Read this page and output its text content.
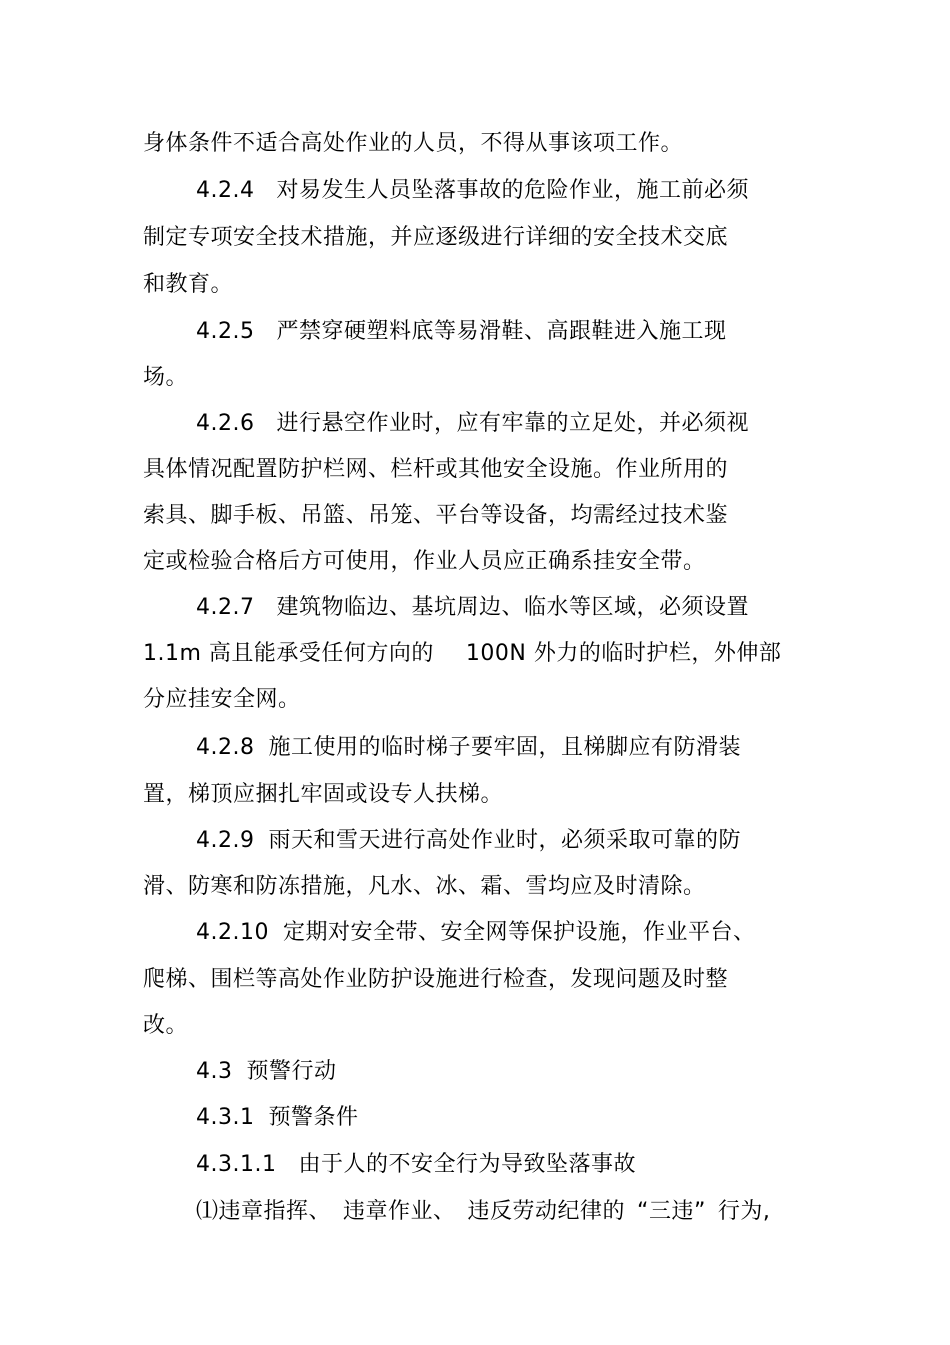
身体条件不适合高处作业的人员，不得从事该项工作。
4.2.4 对易发生人员坠落事故的危险作业，施工前必须
制定专项安全技术措施，并应逐级进行详细的安全技术交底
和教育。
4.2.5 严禁穿硬塑料底等易滑鞋、高跟鞋进入施工现
场。
4.2.6 进行悬空作业时，应有牢靠的立足处，并必须视
具体情况配置防护栏网、栏杆或其他安全设施。作业所用的
索具、脚手板、吊篮、吊笼、平台等设备，均需经过技术鉴
定或检验合格后方可使用，作业人员应正确系挂安全带。
4.2.7 建筑物临边、基坑周边、临水等区域，必须设置
1.1m 高且能承受任何方向的 100N 外力的临时护栏，外伸部
分应挂安全网。
4.2.8 施工使用的临时梯子要牢固，且梯脚应有防滑装
置，梯顶应捆扎牢固或设专人扶梯。
4.2.9 雨天和雪天进行高处作业时，必须采取可靠的防
滑、防寒和防冻措施，凡水、冰、霜、雪均应及时清除。
4.2.10 定期对安全带、安全网等保护设施，作业平台、
爬梯、围栏等高处作业防护设施进行检查，发现问题及时整
改。
4.3 预警行动
4.3.1 预警条件
4.3.1.1 由于人的不安全行为导致坠落事故
⑴违章指挥、 违章作业、 违反劳动纪律的 “三违” 行为,
